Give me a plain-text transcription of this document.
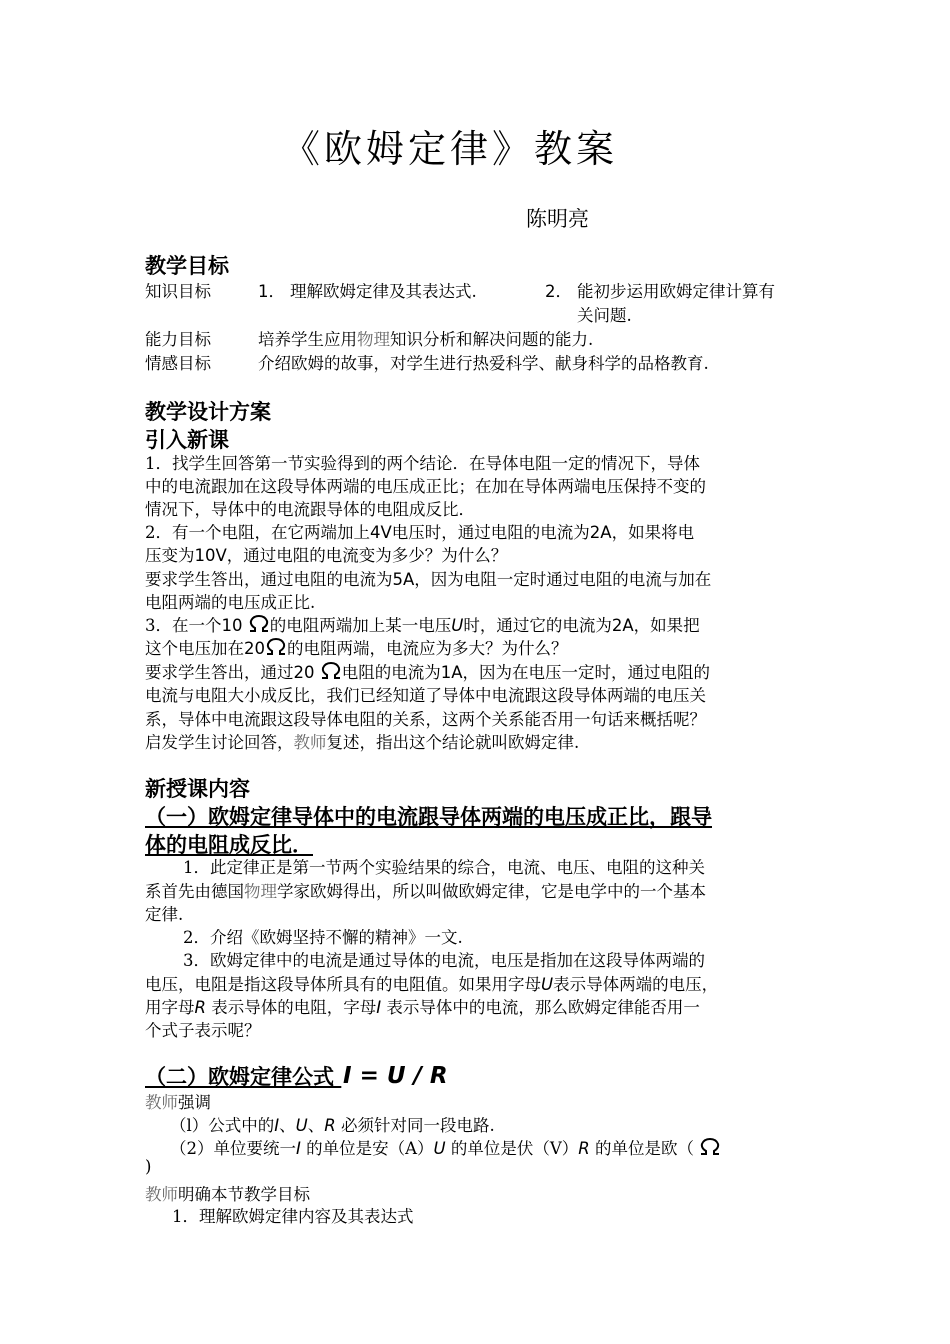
《欧姆定律》教案
陈明亮
教学目标
知识目标	1． 理解欧姆定律及其表达式.	2． 能初步运用欧姆定律计算有
关问题.
能力目标	培养学生应用物理知识分析和解决问题的能力.
情感目标	介绍欧姆的故事，对学生进行热爱科学、献身科学的品格教育.
教学设计方案
引入新课
1．找学生回答第一节实验得到的两个结论．在导体电阻一定的情况下，导体
中的电流跟加在这段导体两端的电压成正比；在加在导体两端电压保持不变的
情况下，导体中的电流跟导体的电阻成反比．
2．有一个电阻，在它两端加上4V电压时，通过电阻的电流为2A，如果将电
压变为10V，通过电阻的电流变为多少？为什么？
要求学生答出，通过电阻的电流为5A，因为电阻一定时通过电阻的电流与加在
电阻两端的电压成正比.
3．在一个10 的电阻两端加上某一电压U时，通过它的电流为2A，如果把
这个电压加在20 的电阻两端，电流应为多大？为什么？
要求学生答出，通过20 电阻的电流为1A，因为在电压一定时，通过电阻的
电流与电阻大小成反比，我们已经知道了导体中电流跟这段导体两端的电压关
系，导体中电流跟这段导体电阻的关系，这两个关系能否用一句话来概括呢？
启发学生讨论回答，教师复述，指出这个结论就叫欧姆定律.
新授课内容
（一）欧姆定律导体中的电流跟导体两端的电压成正比，跟导
体的电阻成反比．
1．此定律正是第一节两个实验结果的综合，电流、电压、电阻的这种关
系首先由德国物理学家欧姆得出，所以叫做欧姆定律，它是电学中的一个基本
定律.
2．介绍《欧姆坚持不懈的精神》一文.
3．欧姆定律中的电流是通过导体的电流，电压是指加在这段导体两端的
电压，电阻是指这段导体所具有的电阻值。如果用字母U表示导体两端的电压，
用字母R 表示导体的电阻，字母I 表示导体中的电流，那么欧姆定律能否用一
个式子表示呢？
（二）欧姆定律公式 I = U / R
教师强调
（l）公式中的I、U、R 必须针对同一段电路.
（2）单位要统一I 的单位是安（A）U 的单位是伏（V）R 的单位是欧（
)
教师明确本节教学目标
1．理解欧姆定律内容及其表达式
